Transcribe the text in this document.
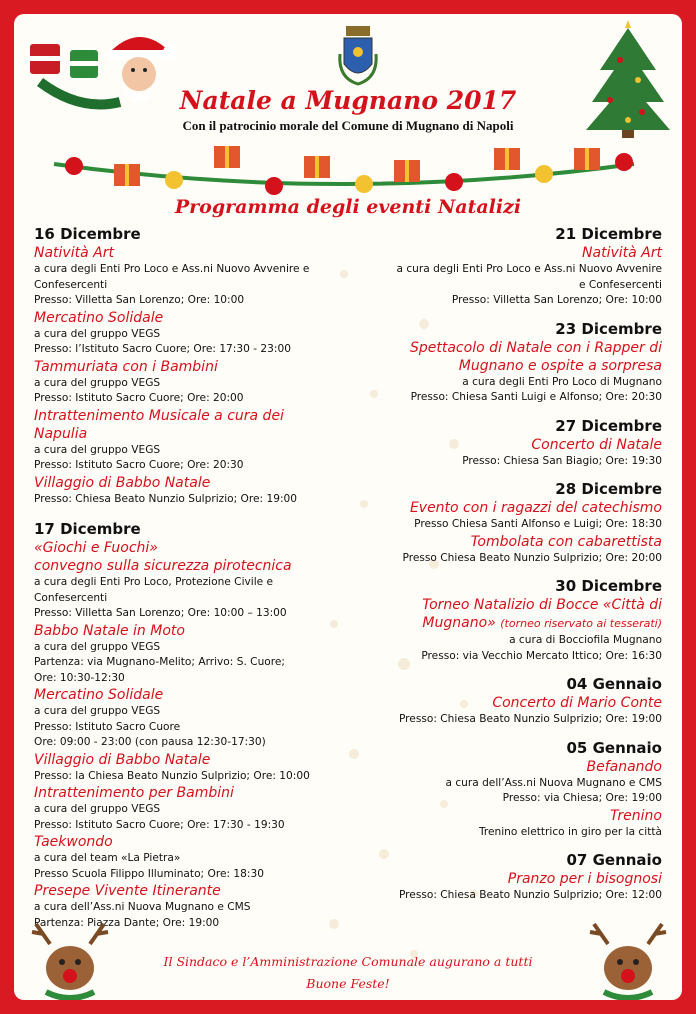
Natale a Mugnano 2017
Con il patrocinio morale del Comune di Mugnano di Napoli
Programma degli eventi Natalizi
16 Dicembre
Natività Art
a cura degli Enti Pro Loco e Ass.ni Nuovo Avvenire e
Confesercenti
Presso: Villetta San Lorenzo; Ore: 10:00
Mercatino Solidale
a cura del gruppo VEGS
Presso: l’Istituto Sacro Cuore; Ore: 17:30 - 23:00
Tammuriata con i Bambini
a cura del gruppo VEGS
Presso: Istituto Sacro Cuore; Ore: 20:00
Intrattenimento Musicale a cura dei
Napulia
a cura del gruppo VEGS
Presso: Istituto Sacro Cuore; Ore: 20:30
Villaggio di Babbo Natale
Presso: Chiesa Beato Nunzio Sulprizio; Ore: 19:00
17 Dicembre
«Giochi e Fuochi»
convegno sulla sicurezza pirotecnica
a cura degli Enti Pro Loco, Protezione Civile e
Confesercenti
Presso: Villetta San Lorenzo; Ore: 10:00 – 13:00
Babbo Natale in Moto
a cura del gruppo VEGS
Partenza: via Mugnano-Melito; Arrivo: S. Cuore;
Ore: 10:30-12:30
Mercatino Solidale
a cura del gruppo VEGS
Presso: Istituto Sacro Cuore
Ore: 09:00 - 23:00 (con pausa 12:30-17:30)
Villaggio di Babbo Natale
Presso: la Chiesa Beato Nunzio Sulprizio; Ore: 10:00
Intrattenimento per Bambini
a cura del gruppo VEGS
Presso: Istituto Sacro Cuore; Ore: 17:30 - 19:30
Taekwondo
a cura del team «La Pietra»
Presso Scuola Filippo Illuminato; Ore: 18:30
Presepe Vivente Itinerante
a cura dell’Ass.ni Nuova Mugnano e CMS
Partenza: Piazza Dante; Ore: 19:00
21 Dicembre
Natività Art
a cura degli Enti Pro Loco e Ass.ni Nuovo Avvenire
e Confesercenti
Presso: Villetta San Lorenzo; Ore: 10:00
23 Dicembre
Spettacolo di Natale con i Rapper di
Mugnano e ospite a sorpresa
a cura degli Enti Pro Loco di Mugnano
Presso: Chiesa Santi Luigi e Alfonso; Ore: 20:30
27 Dicembre
Concerto di Natale
Presso: Chiesa San Biagio; Ore: 19:30
28 Dicembre
Evento con i ragazzi del catechismo
Presso Chiesa Santi Alfonso e Luigi; Ore: 18:30
Tombolata con cabarettista
Presso Chiesa Beato Nunzio Sulprizio; Ore: 20:00
30 Dicembre
Torneo Natalizio di Bocce «Città di
Mugnano» (torneo riservato ai tesserati)
a cura di Bocciofila Mugnano
Presso: via Vecchio Mercato Ittico; Ore: 16:30
04 Gennaio
Concerto di Mario Conte
Presso: Chiesa Beato Nunzio Sulprizio; Ore: 19:00
05 Gennaio
Befanando
a cura dell’Ass.ni Nuova Mugnano e CMS
Presso: via Chiesa; Ore: 19:00
Trenino
Trenino elettrico in giro per la città
07 Gennaio
Pranzo per i bisognosi
Presso: Chiesa Beato Nunzio Sulprizio; Ore: 12:00
Il Sindaco e l’Amministrazione Comunale augurano a tutti
Buone Feste!
